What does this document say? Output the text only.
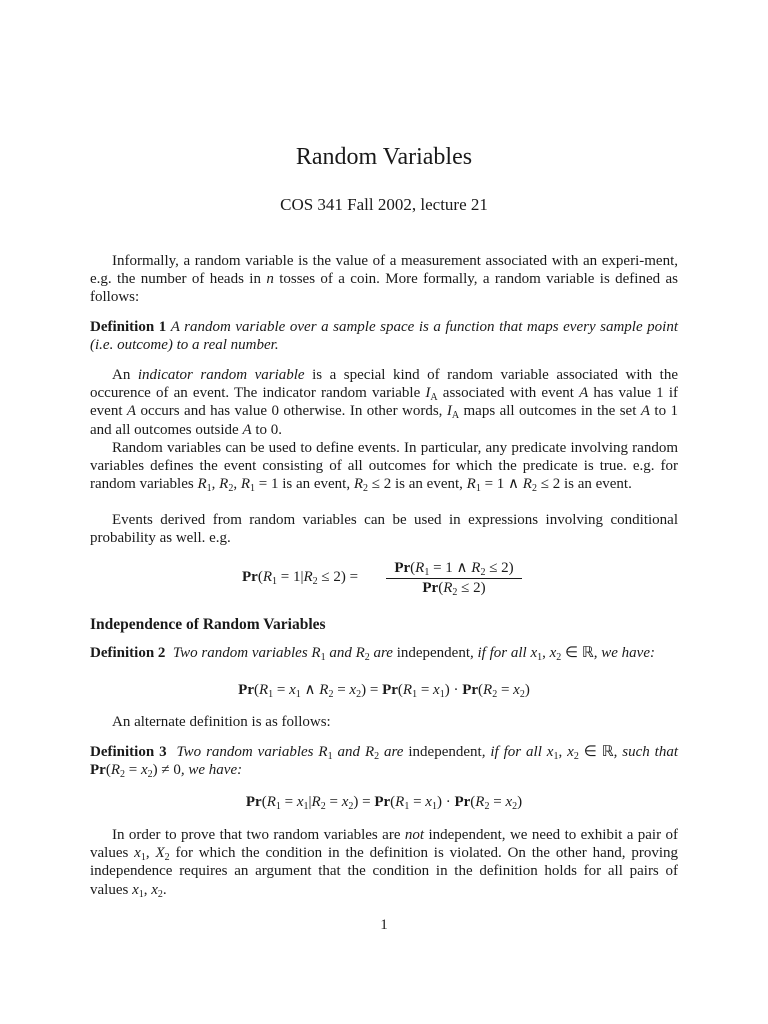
Random Variables
COS 341 Fall 2002, lecture 21
Informally, a random variable is the value of a measurement associated with an experi-ment, e.g. the number of heads in n tosses of a coin. More formally, a random variable is defined as follows:
Definition 1 A random variable over a sample space is a function that maps every sample point (i.e. outcome) to a real number.
An indicator random variable is a special kind of random variable associated with the occurence of an event. The indicator random variable $I_A$ associated with event A has value 1 if event A occurs and has value 0 otherwise. In other words, $I_A$ maps all outcomes in the set A to 1 and all outcomes outside A to 0.
Random variables can be used to define events. In particular, any predicate involving random variables defines the event consisting of all outcomes for which the predicate is true. e.g. for random variables $R_1$, $R_2$, $R_1 = 1$ is an event, $R_2 \le 2$ is an event, $R_1 = 1$ ∧ $R_2 \le 2$ is an event.
Events derived from random variables can be used in expressions involving conditional probability as well. e.g.
$Pr(R_1 = 1|R_2 \le 2)$ =
$Pr(R_1 = 1$ ∧ $R_2 \le 2$)
$Pr(R_2 \le 2)$
Independence of Random Variables
Definition 2 Two random variables $R_1$ and $R_2$ are independent, if for all $x_1$, $x_2$ ∈ ℝ, we have:
$Pr(R_1 = x_1$ ∧ $R_2 = x_2) = Pr(R_1 = x_1) \cdot Pr(R_2 = x_2)$
An alternate definition is as follows:
Definition 3 Two random variables $R_1$ and $R_2$ are independent, if for all $x_1$, $x_2$ ∈ ℝ, such that $Pr(R_2 = x_2) \ne 0$, we have:
$Pr(R_1 = x_1|R_2 = x_2) = Pr(R_1 = x_1) \cdot Pr(R_2 = x_2)$
In order to prove that two random variables are not independent, we need to exhibit a pair of values $x_1$, $X_2$ for which the condition in the definition is violated. On the other hand, proving independence requires an argument that the condition in the definition holds for all pairs of values $x_1$, $x_2$.
1
